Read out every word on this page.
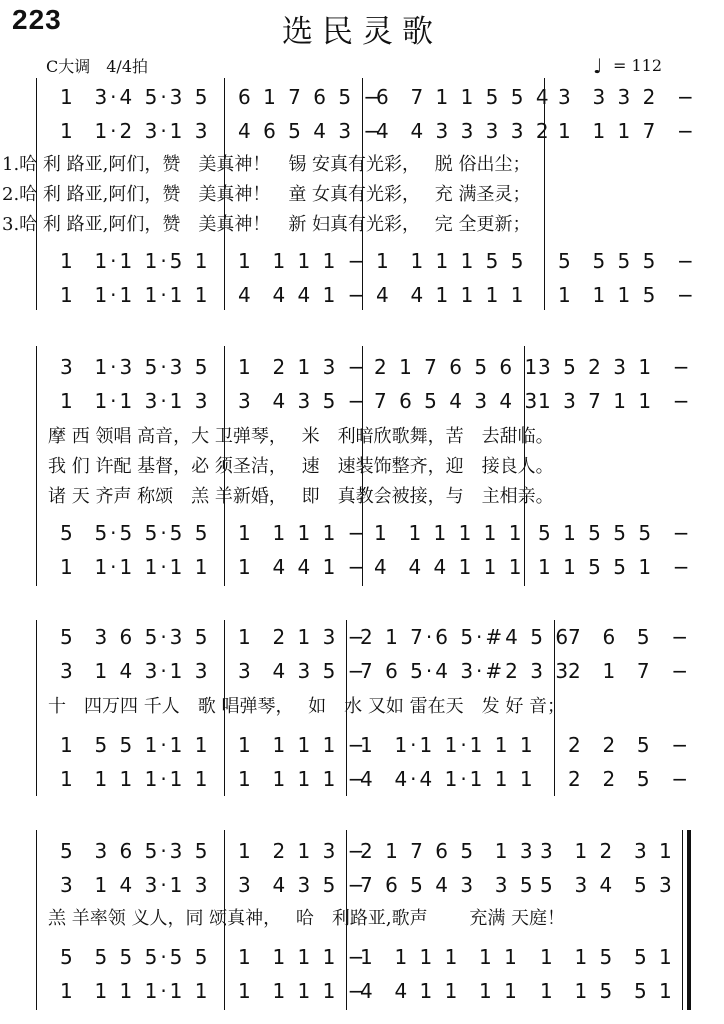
223	选民灵歌
C大调　4/4拍	♩ = 112
1  3·4 5·3 5 6 1 7 6 5 −
6  7 1 1 5 5 4 3  3 3 2  −
1  1·2 3·1 3 4 6 5 4 3 −
4  4 3 3 3 3 2 1  1 1 7  −
1.哈 利 路亚,阿们，赞　美真神！　锡 安真有光彩，　 脱 俗出尘；
2.哈 利 路亚,阿们，赞　美真神！　童 女真有光彩，　 充 满圣灵；
3.哈 利 路亚,阿们，赞　美真神！　新 妇真有光彩，　 完 全更新；
1  1·1 1·5 1 1  1 1 1 − 1  1 1 1 5 5 5  5 5 5  −
1  1·1 1·1 1 4  4 4 1 − 4  4 1 1 1 1 1  1 1 5  −
3  1·3 5·3 5 1  2 1 3 − 2 1 7 6 5 6 1
3 5 2 3 1  −
1  1·1 3·1 3 3  4 3 5 − 7 6 5 4 3 4 3
1 3 7 1 1  −
　摩 西 领唱 高音，大 卫弹琴，　 米　利暗欣歌舞，苦　去甜临。
　我 们 许配 基督，必 须圣洁，　 速　速装饰整齐，迎　接良人。
　诸 天 齐声 称颂　羔 羊新婚，　 即　真教会被接，与　主相亲。
5  5·5 5·5 5 1  1 1 1 − 1  1 1 1 1 1 5 1 5 5 5  −
1  1·1 1·1 1 1  4 4 1 − 4  4 4 1 1 1 1 1 5 5 1  −
5  3 6 5·3 5 1  2 1 3 −
2 1 7·6 5·#4 5 6
7  6  5  −
3  1 4 3·1 3 3  4 3 5 −
7 6 5·4 3·#2 3 3
2  1  7  −
　十　四万四 千人　歌 唱弹琴，　 如　水 又如 雷在天　发 好 音；
1  5 5 1·1 1 1  1 1 1 −
1  1·1 1·1 1 1 2  2  5  −
1  1 1 1·1 1 1  1 1 1 −
4  4·4 1·1 1 1 2  2  5  −
5  3 6 5·3 5 1  2 1 3 −
2 1 7 6 5  1 3 3  1 2  3 1
3  1 4 3·1 3 3  4 3 5 −
7 6 5 4 3  3 5 5  3 4  5 3
　羔 羊率领 义人，同 颂真神，　 哈　利路亚,歌声　　 充满 天庭！
5  5 5 5·5 5 1  1 1 1 −
1  1 1 1  1 1 1  1 5  5 1
1  1 1 1·1 1 1  1 1 1 −
4  4 1 1  1 1 1  1 5  5 1
